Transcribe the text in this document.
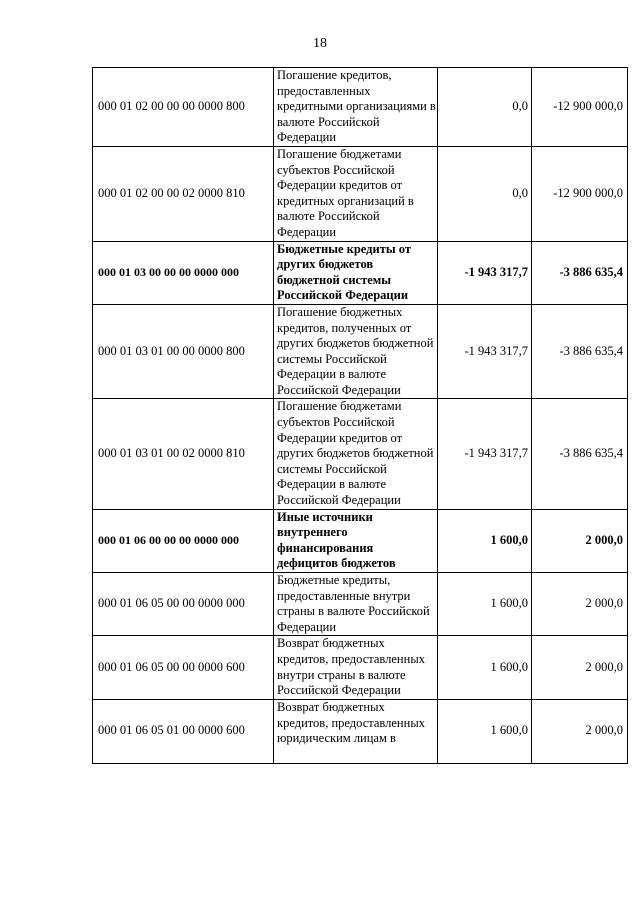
18
000 01 02 00 00 00 0000 800	Погашение кредитов, предоставленных кредитными организациями в валюте Российской Федерации	0,0	-12 900 000,0
000 01 02 00 00 02 0000 810	Погашение бюджетами субъектов Российской Федерации кредитов от кредитных организаций в валюте Российской Федерации	0,0	-12 900 000,0
000 01 03 00 00 00 0000 000	Бюджетные кредиты от других бюджетов бюджетной системы Российской Федерации	-1 943 317,7	-3 886 635,4
000 01 03 01 00 00 0000 800	Погашение бюджетных кредитов, полученных от других бюджетов бюджетной системы Российской Федерации в валюте Российской Федерации	-1 943 317,7	-3 886 635,4
000 01 03 01 00 02 0000 810	Погашение бюджетами субъектов Российской Федерации кредитов от других бюджетов бюджетной системы Российской Федерации в валюте Российской Федерации	-1 943 317,7	-3 886 635,4
000 01 06 00 00 00 0000 000	Иные источники внутреннего финансирования дефицитов бюджетов	1 600,0	2 000,0
000 01 06 05 00 00 0000 000	Бюджетные кредиты, предоставленные внутри страны в валюте Российской Федерации	1 600,0	2 000,0
000 01 06 05 00 00 0000 600	Возврат бюджетных кредитов, предоставленных внутри страны в валюте Российской Федерации	1 600,0	2 000,0
000 01 06 05 01 00 0000 600	Возврат бюджетных кредитов, предоставленных юридическим лицам в	1 600,0	2 000,0
